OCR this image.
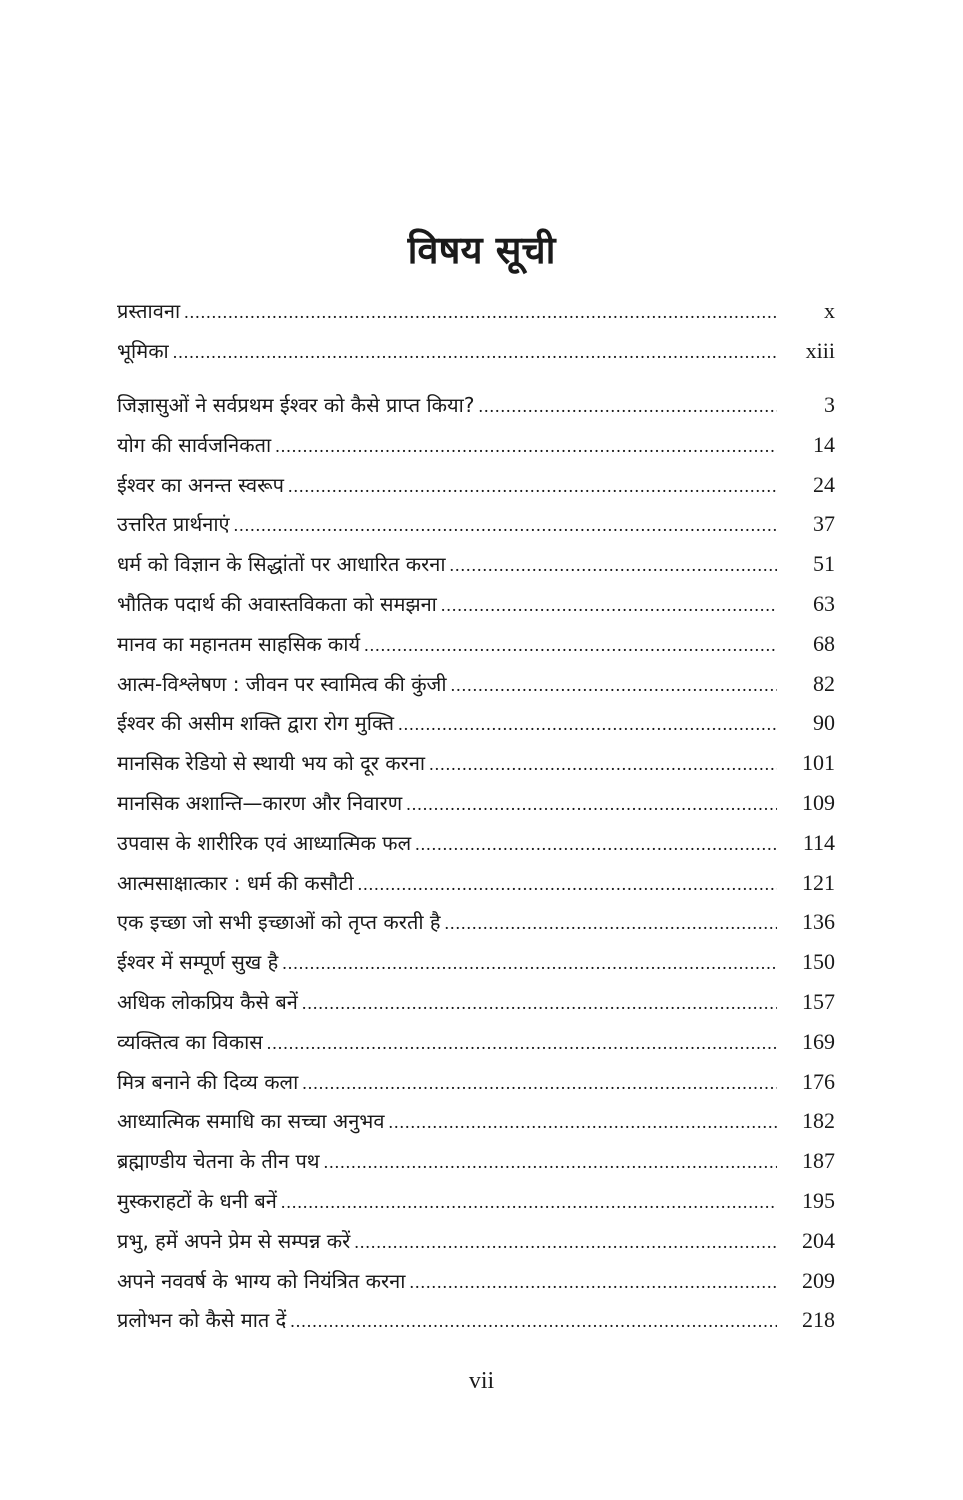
विषय सूची
प्रस्तावना .....	x
भूमिका .....	xiii
जिज्ञासुओं ने सर्वप्रथम ईश्वर को कैसे प्राप्त किया? .....	3
योग की सार्वजनिकता .....	14
ईश्वर का अनन्त स्वरूप .....	24
उत्तरित प्रार्थनाएं .....	37
धर्म को विज्ञान के सिद्धांतों पर आधारित करना .....	51
भौतिक पदार्थ की अवास्तविकता को समझना .....	63
मानव का महानतम साहसिक कार्य .....	68
आत्म-विश्लेषण : जीवन पर स्वामित्व की कुंजी .....	82
ईश्वर की असीम शक्ति द्वारा रोग मुक्ति .....	90
मानसिक रेडियो से स्थायी भय को दूर करना .....	101
मानसिक अशान्ति—कारण और निवारण .....	109
उपवास के शारीरिक एवं आध्यात्मिक फल .....	114
आत्मसाक्षात्कार : धर्म की कसौटी .....	121
एक इच्छा जो सभी इच्छाओं को तृप्त करती है .....	136
ईश्वर में सम्पूर्ण सुख है .....	150
अधिक लोकप्रिय कैसे बनें .....	157
व्यक्तित्व का विकास .....	169
मित्र बनाने की दिव्य कला .....	176
आध्यात्मिक समाधि का सच्चा अनुभव .....	182
ब्रह्माण्डीय चेतना के तीन पथ .....	187
मुस्कराहटों के धनी बनें .....	195
प्रभु, हमें अपने प्रेम से सम्पन्न करें .....	204
अपने नववर्ष के भाग्य को नियंत्रित करना .....	209
प्रलोभन को कैसे मात दें .....	218
vii
